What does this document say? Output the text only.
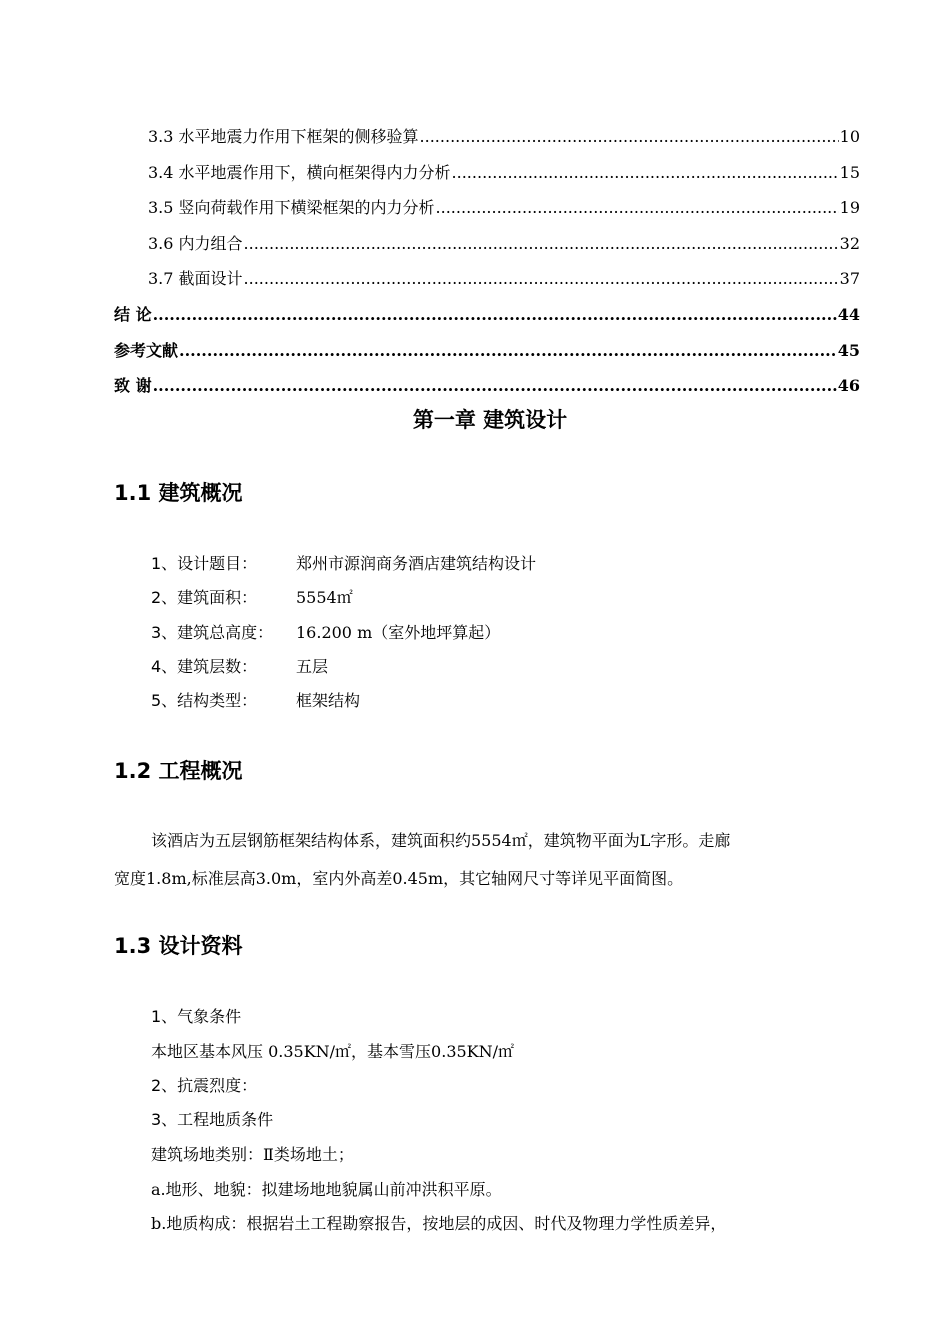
3.3 水平地震力作用下框架的侧移验算 .....	10
3.4 水平地震作用下，横向框架得内力分析 .....	15
3.5 竖向荷载作用下横梁框架的内力分析 .....	19
3.6 内力组合 .....	32
3.7 截面设计 .....	37
结 论 .....	44
参考文献 .....	45
致 谢 .....	46
第一章 建筑设计
1.1 建筑概况
1、设计题目：	郑州市源润商务酒店建筑结构设计
2、建筑面积：	5554㎡
3、建筑总高度：	16.200 m（室外地坪算起）
4、建筑层数：	五层
5、结构类型：	框架结构
1.2 工程概况
该酒店为五层钢筋框架结构体系，建筑面积约5554㎡，建筑物平面为L字形。走廊
宽度1.8m,标准层高3.0m，室内外高差0.45m，其它轴网尺寸等详见平面简图。
1.3 设计资料
1、气象条件
本地区基本风压 0.35KN/㎡，基本雪压0.35KN/㎡
2、抗震烈度：
3、工程地质条件
建筑场地类别：Ⅱ类场地土；
a.地形、地貌：拟建场地地貌属山前冲洪积平原。
b.地质构成：根据岩土工程勘察报告，按地层的成因、时代及物理力学性质差异，
